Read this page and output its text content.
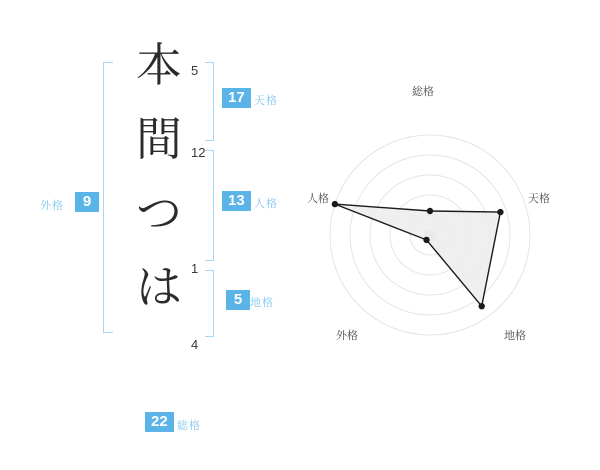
本
間
つ
は
5
12
1
4
17 天格
13 人格
5 地格
外格	9
22 総格
総格
天格
地格
外格
人格
